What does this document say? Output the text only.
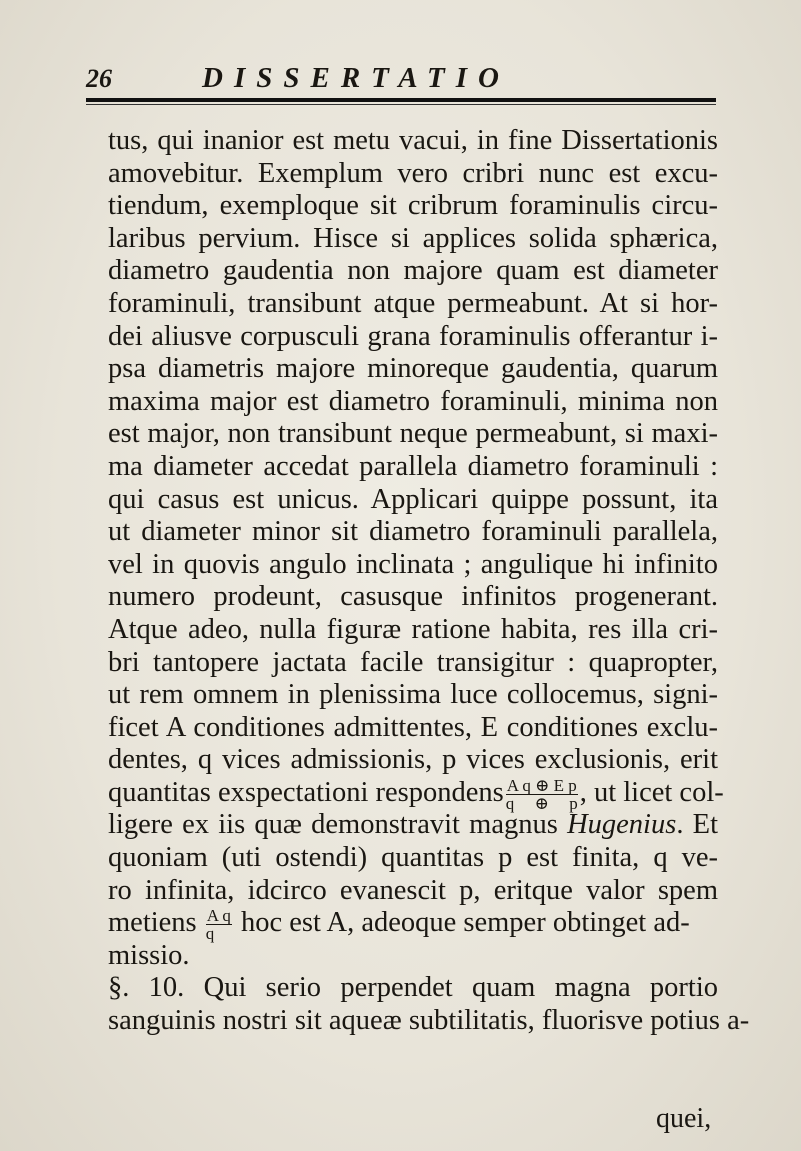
26	DISSERTATIO
tus, qui inanior est metu vacui, in fine Dissertationis
amovebitur. Exemplum vero cribri nunc est excu-
tiendum, exemploque sit cribrum foraminulis circu-
laribus pervium. Hisce si applices solida sphærica,
diametro gaudentia non majore quam est diameter
foraminuli, transibunt atque permeabunt. At si hor-
dei aliusve corpusculi grana foraminulis offerantur i-
psa diametris majore minoreque gaudentia, quarum
maxima major est diametro foraminuli, minima non
est major, non transibunt neque permeabunt, si maxi-
ma diameter accedat parallela diametro foraminuli :
qui casus est unicus. Applicari quippe possunt, ita
ut diameter minor sit diametro foraminuli parallela,
vel in quovis angulo inclinata ; angulique hi infinito
numero prodeunt, casusque infinitos progenerant.
Atque adeo, nulla figuræ ratione habita, res illa cri-
bri tantopere jactata facile transigitur : quapropter,
ut rem omnem in plenissima luce collocemus, signi-
ficet A conditiones admittentes, E conditiones exclu-
dentes, q vices admissionis, p vices exclusionis, erit
quantitas exspectationi respondens $\frac{\text{A q ⊕ E p}}{q \oplus p}$ , ut licet col-
ligere ex iis quæ demonstravit magnus Hugenius. Et
quoniam (uti ostendi) quantitas p est finita, q ve-
ro infinita, idcirco evanescit p, eritque valor spem
metiens $\frac{\text{A q}}{q}$ hoc est A, adeoque semper obtinget ad-
missio.
§. 10. Qui serio perpendet quam magna portio
sanguinis nostri sit aqueæ subtilitatis, fluorisve potius a-
quei,
